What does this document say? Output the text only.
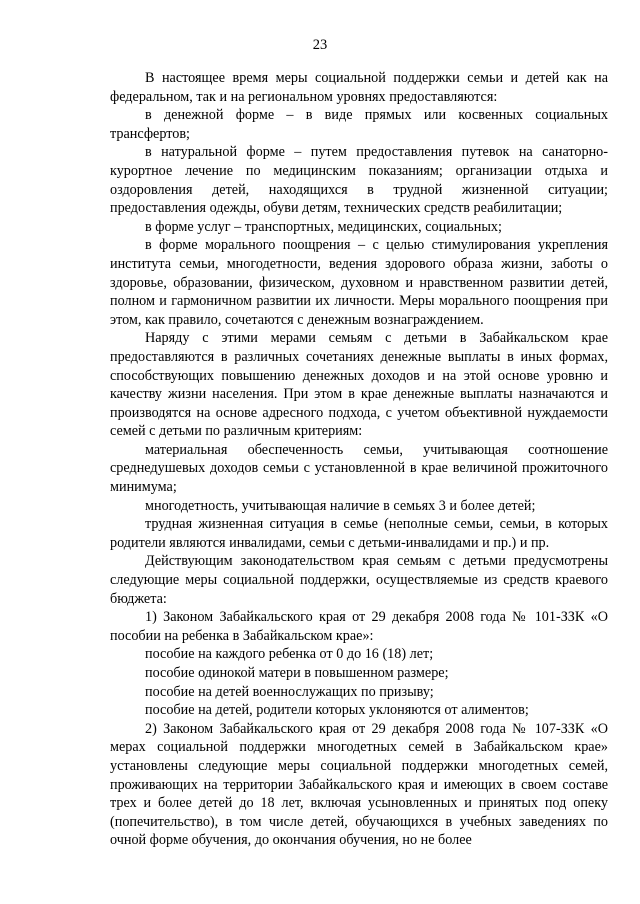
23

В настоящее время меры социальной поддержки семьи и детей как на федеральном, так и на региональном уровнях предоставляются:

в денежной форме – в виде прямых или косвенных социальных трансфертов;

в натуральной форме – путем предоставления путевок на санаторно-курортное лечение по медицинским показаниям; организации отдыха и оздоровления детей, находящихся в трудной жизненной ситуации; предоставления одежды, обуви детям, технических средств реабилитации;

в форме услуг – транспортных, медицинских, социальных;

в форме морального поощрения – с целью стимулирования укрепления института семьи, многодетности, ведения здорового образа жизни, заботы о здоровье, образовании, физическом, духовном и нравственном развитии детей, полном и гармоничном развитии их личности. Меры морального поощрения при этом, как правило, сочетаются с денежным вознаграждением.

Наряду с этими мерами семьям с детьми в Забайкальском крае предоставляются в различных сочетаниях денежные выплаты в иных формах, способствующих повышению денежных доходов и на этой основе уровню и качеству жизни населения. При этом в крае денежные выплаты назначаются и производятся на основе адресного подхода, с учетом объективной нуждаемости семей с детьми по различным критериям:

материальная обеспеченность семьи, учитывающая соотношение среднедушевых доходов семьи с установленной в крае величиной прожиточного минимума;

многодетность, учитывающая наличие в семьях 3 и более детей;

трудная жизненная ситуация в семье (неполные семьи, семьи, в которых родители являются инвалидами, семьи с детьми-инвалидами и пр.) и пр.

Действующим законодательством края семьям с детьми предусмотрены следующие меры социальной поддержки, осуществляемые из средств краевого бюджета:

1) Законом Забайкальского края от 29 декабря 2008 года № 101-ЗЗК «О пособии на ребенка в Забайкальском крае»:

пособие на каждого ребенка от 0 до 16 (18) лет;

пособие одинокой матери в повышенном размере;

пособие на детей военнослужащих по призыву;

пособие на детей, родители которых уклоняются от алиментов;

2) Законом Забайкальского края от 29 декабря 2008 года № 107-ЗЗК «О мерах социальной поддержки многодетных семей в Забайкальском крае» установлены следующие меры социальной поддержки многодетных семей, проживающих на территории Забайкальского края и имеющих в своем составе трех и более детей до 18 лет, включая усыновленных и принятых под опеку (попечительство), в том числе детей, обучающихся в учебных заведениях по очной форме обучения, до окончания обучения, но не более
